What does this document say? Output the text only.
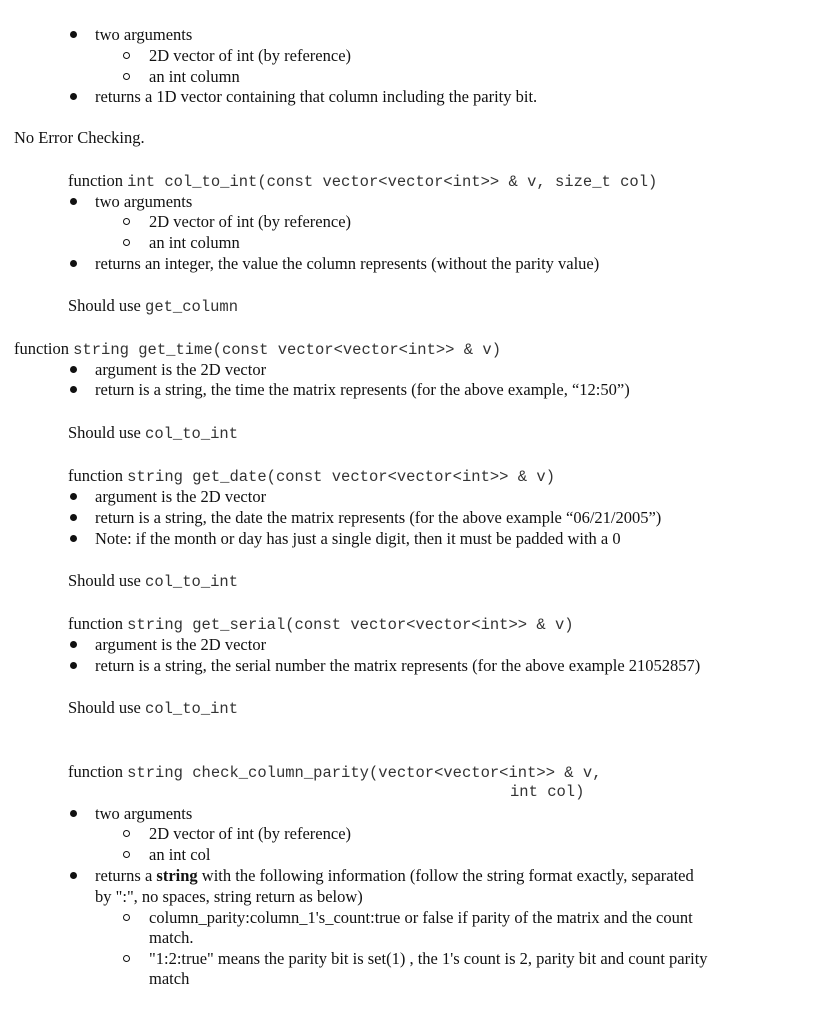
two arguments
2D vector of int (by reference)
an int column
returns a 1D vector containing that column including the parity bit.
No Error Checking.
function int col_to_int(const vector<vector<int>> & v, size_t col)
two arguments
2D vector of int (by reference)
an int column
returns an integer, the value the column represents (without the parity value)
Should use get_column
function string get_time(const vector<vector<int>> & v)
argument is the 2D vector
return is a string, the time the matrix represents (for the above example, “12:50”)
Should use col_to_int
function string get_date(const vector<vector<int>> & v)
argument is the 2D vector
return is a string, the date the matrix represents (for the above example “06/21/2005”)
Note: if the month or day has just a single digit, then it must be padded with a 0
Should use col_to_int
function string get_serial(const vector<vector<int>> & v)
argument is the 2D vector
return is a string, the serial number the matrix represents (for the above example 21052857)
Should use col_to_int
function string check_column_parity(vector<vector<int>> & v,
int col)
two arguments
2D vector of int (by reference)
an int col
returns a string with the following information (follow the string format exactly, separated
by ":", no spaces, string return as below)
column_parity:column_1's_count:true or false if parity of the matrix and the count
match.
"1:2:true" means the parity bit is set(1) , the 1's count is 2, parity bit and count parity
match
